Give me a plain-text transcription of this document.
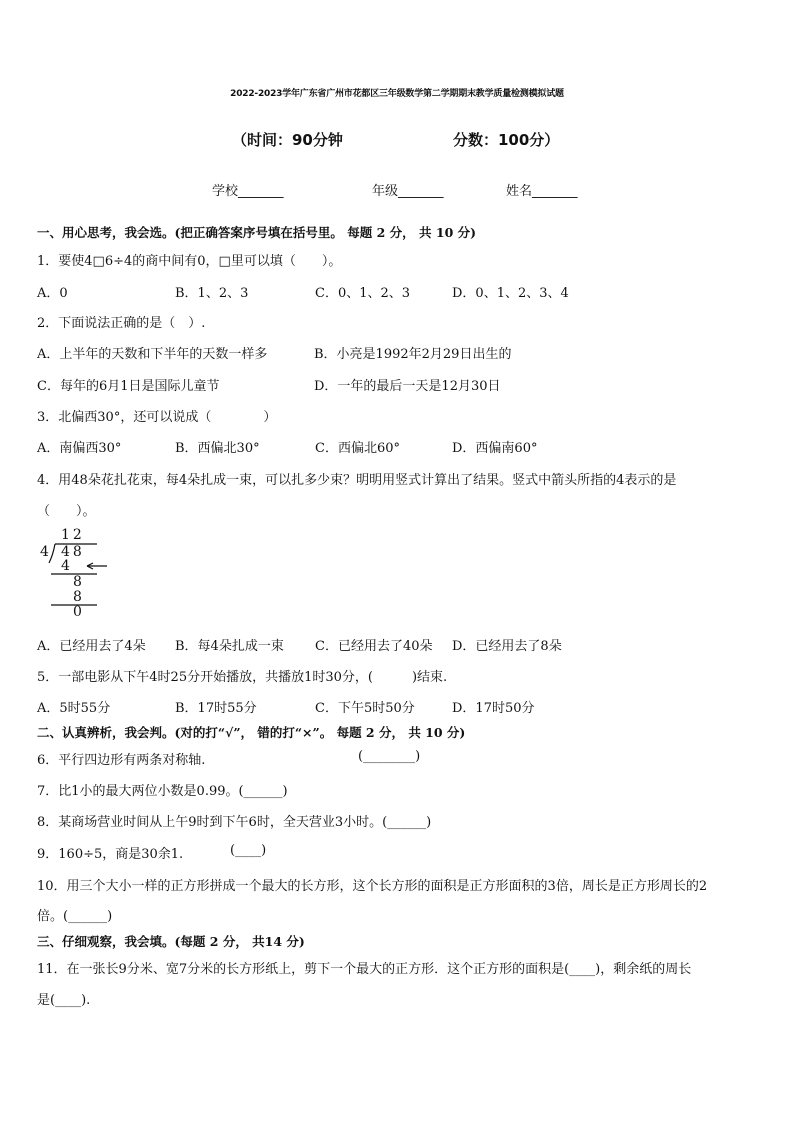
2022-2023学年广东省广州市花都区三年级数学第二学期期末教学质量检测模拟试题
（时间：90分钟	分数：100分）
学校_______	年级_______	姓名_______
一、用心思考，我会选。(把正确答案序号填在括号里。 每题 2 分， 共 10 分)
1．要使4□6÷4的商中间有0，□里可以填（　　）。
A．0	B．1、2、3	C．0、1、2、3	D．0、1、2、3、4
2．下面说法正确的是（　）.
A．上半年的天数和下半年的天数一样多	B．小亮是1992年2月29日出生的
C．每年的6月1日是国际儿童节	D．一年的最后一天是12月30日
3．北偏西30°，还可以说成（　　　　）
A．南偏西30°	B．西偏北30°	C．西偏北60°	D．西偏南60°
4．用48朵花扎花束，每4朵扎成一束，可以扎多少束？明明用竖式计算出了结果。竖式中箭头所指的4表示的是
（　　）。
12
4 48
4
8
8
0
A．已经用去了4朵 B．每4朵扎成一束 C．已经用去了40朵 D．已经用去了8朵
5．一部电影从下午4时25分开始播放，共播放1时30分，(　　　)结束.
A．5时55分	B．17时55分	C．下午5时50分	D．17时50分
二、认真辨析，我会判。(对的打“√”， 错的打“×”。 每题 2 分， 共 10 分)
6．平行四边形有两条对称轴.	(________)
7．比1小的最大两位小数是0.99。(______)
8．某商场营业时间从上午9时到下午6时，全天营业3小时。(______)
9．160÷5，商是30余1.	(____)
10．用三个大小一样的正方形拼成一个最大的长方形，这个长方形的面积是正方形面积的3倍，周长是正方形周长的2
倍。(______)
三、仔细观察，我会填。(每题 2 分， 共14 分)
11．在一张长9分米、宽7分米的长方形纸上，剪下一个最大的正方形．这个正方形的面积是(____)，剩余纸的周长
是(____).
